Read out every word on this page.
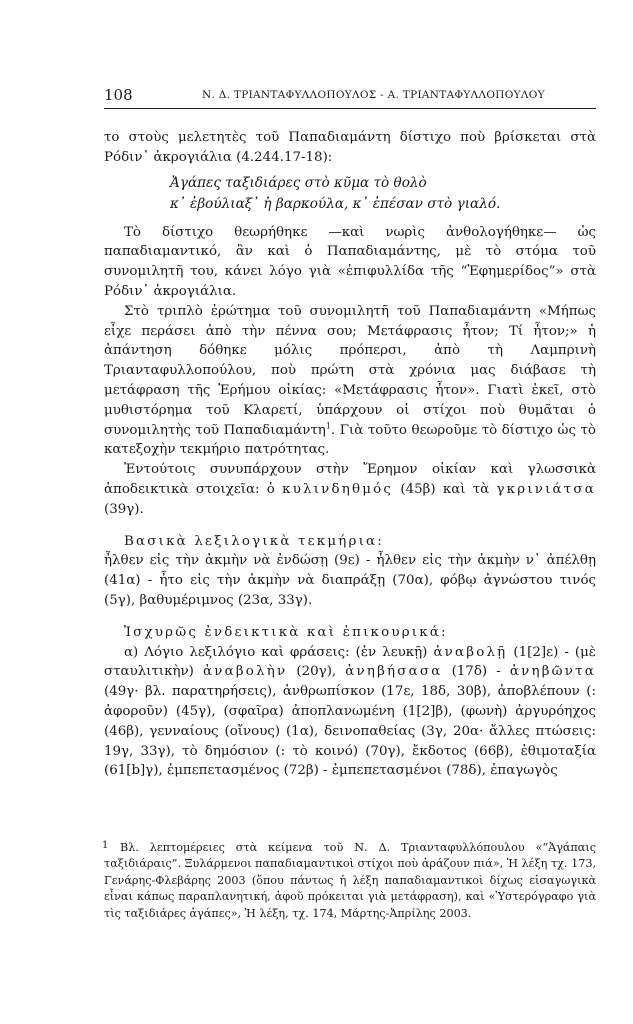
108	Ν. Δ. ΤΡΙΑΝΤΑΦΥΛΛΟΠΟΥΛΟΣ - Α. ΤΡΙΑΝΤΑΦΥΛΛΟΠΟΥΛΟΥ

το στοὺς μελετητὲς τοῦ Παπαδιαμάντη δίστιχο ποὺ βρίσκεται στὰ Ρόδιν᾽ ἀκρογιάλια (4.244.17-18):

Ἀγάπες ταξιδιάρες στὸ κῦμα τὸ θολὸ
κ᾽ ἐβούλιαξ᾽ ἡ βαρκούλα, κ᾽ ἐπέσαν στὸ γιαλό.

Τὸ δίστιχο θεωρήθηκε —καὶ νωρὶς ἀνθολογήθηκε— ὡς παπαδιαμαντικό, ἂν καὶ ὁ Παπαδιαμάντης, μὲ τὸ στόμα τοῦ συνομιλητῆ του, κάνει λόγο γιὰ «ἐπιφυλλίδα τῆς “Ἐφημερίδος”» στὰ Ρόδιν᾽ ἀκρογιάλια.

Στὸ τριπλὸ ἐρώτημα τοῦ συνομιλητῆ τοῦ Παπαδιαμάντη «Μήπως εἶχε περάσει ἀπὸ τὴν πέννα σου; Μετάφρασις ἦτον; Τί ἦτον;» ἡ ἀπάντηση δόθηκε μόλις πρόπερσι, ἀπὸ τὴ Λαμπρινὴ Τριανταφυλλοπούλου, ποὺ πρώτη στὰ χρόνια μας διάβασε τὴ μετάφραση τῆς Ἐρήμου οἰκίας: «Μετάφρασις ἦτον». Γιατὶ ἐκεῖ, στὸ μυθιστόρημα τοῦ Κλαρετί, ὑπάρχουν οἱ στίχοι ποὺ θυμᾶται ὁ συνομιλητὴς τοῦ Παπαδιαμάντη$^1$. Γιὰ τοῦτο θεωροῦμε τὸ δίστιχο ὡς τὸ κατεξοχὴν τεκμήριο πατρότητας.

Ἐντούτοις συνυπάρχουν στὴν Ἔρημον οἰκίαν καὶ γλωσσικὰ ἀποδεικτικὰ στοιχεῖα: ὁ κυλινδηθμός (45β) καὶ τὰ γκρινιάτσα (39γ).

Βασικὰ λεξιλογικὰ τεκμήρια:

ἦλθεν εἰς τὴν ἀκμὴν νὰ ἐνδώσῃ (9ε) - ἦλθεν εἰς τὴν ἀκμὴν ν᾽ ἀπέλθῃ (41α) - ἦτο εἰς τὴν ἀκμὴν νὰ διαπράξῃ (70α), φόβῳ ἀγνώστου τινός (5γ), βαθυμέριμνος (23α, 33γ).

Ἰσχυρῶς ἐνδεικτικὰ καὶ ἐπικουρικά:

α) Λόγιο λεξιλόγιο καὶ φράσεις: (ἐν λευκῇ) ἀναβολῇ (1[2]ε) - (μὲ σταυλιτικὴν) ἀναβολὴν (20γ), ἀνηβήσασα (17δ) - ἀνηβῶντα (49γ· βλ. παρατηρήσεις), ἀνθρωπίσκον (17ε, 18δ, 30β), ἀποβλέπουν (: ἀφοροῦν) (45γ), (σφαῖρα) ἀποπλανωμένη (1[2]β), (φωνὴ) ἀργυρόηχος (46β), γενναίους (οἴνους) (1α), δεινοπαθείας (3γ, 20α· ἄλλες πτώσεις: 19γ, 33γ), τὸ δημόσιον (: τὸ κοινό) (70γ), ἔκδοτος (66β), ἐθιμοταξία (61[b]γ), ἐμπεπετασμένος (72β) - ἐμπεπετασμένοι (78δ), ἐπαγωγὸς

1	Βλ. λεπτομέρειες στὰ κείμενα τοῦ Ν. Δ. Τριανταφυλλόπουλου «“Ἀγάπαις ταξιδιάραις”. Ξυλάρμενοι παπαδιαμαντικοὶ στίχοι ποὺ ἀράζουν πιά», Ἡ λέξη τχ. 173, Γενάρης-Φλεβάρης 2003 (ὅπου πάντως ἡ λέξη παπαδιαμαντικοὶ δίχως εἰσαγωγικὰ εἶναι κάπως παραπλανητική, ἀφοῦ πρόκειται γιὰ μετάφραση), καὶ «Ὑστερόγραφο γιὰ τὶς ταξιδιάρες ἀγάπες», Ἡ λέξη, τχ. 174, Μάρτης-Ἀπρίλης 2003.
